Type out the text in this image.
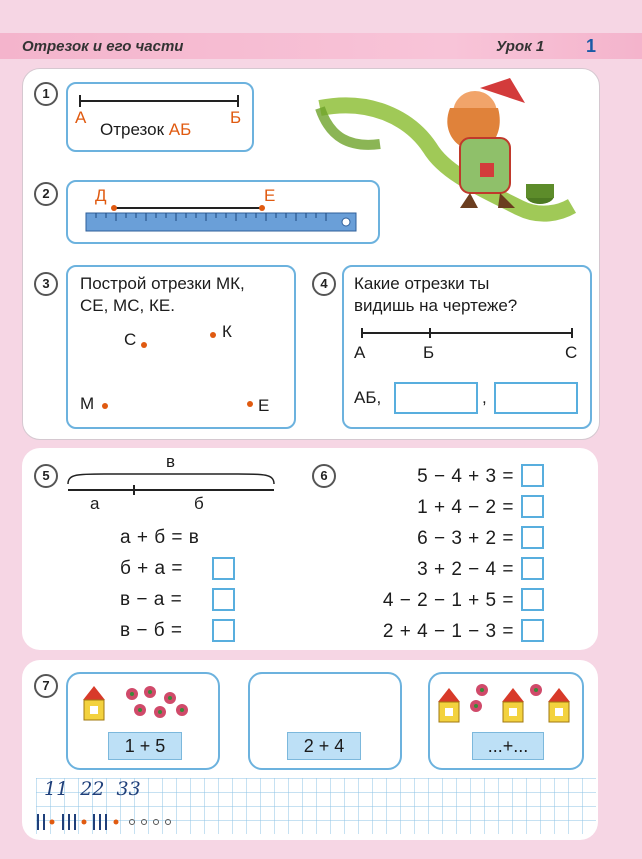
Отрезок и его части	Урок 1 1
1
А	Б
Отрезок АБ
2	Д	Е
3	Построй отрезки МК,
СЕ, МС, КЕ.
С	К
М	Е
4	Какие отрезки ты
видишь на чертеже?
А	Б	С
АБ,	,
5
в
а	б
а + б = в
б + а =
в − а =
в − б =
6	5 − 4 + 3 =
1 + 4 − 2 =
6 − 3 + 2 =
3 + 2 − 4 =
4 − 2 − 1 + 5 =
2 + 4 − 1 − 3 =
7
1 + 5	2 + 4	...+...
11  22  33
